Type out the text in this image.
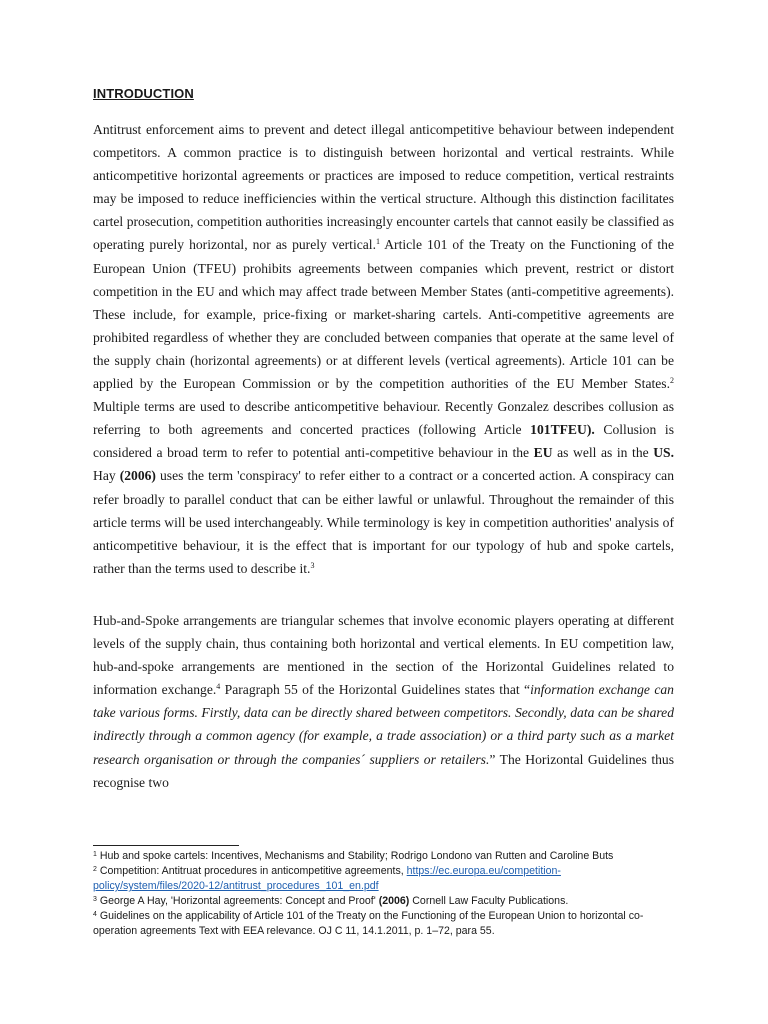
INTRODUCTION

Antitrust enforcement aims to prevent and detect illegal anticompetitive behaviour between independent competitors. A common practice is to distinguish between horizontal and vertical restraints. While anticompetitive horizontal agreements or practices are imposed to reduce competition, vertical restraints may be imposed to reduce inefficiencies within the vertical structure. Although this distinction facilitates cartel prosecution, competition authorities increasingly encounter cartels that cannot easily be classified as operating purely horizontal, nor as purely vertical.$^1$ Article 101 of the Treaty on the Functioning of the European Union (TFEU) prohibits agreements between companies which prevent, restrict or distort competition in the EU and which may affect trade between Member States (anti-competitive agreements). These include, for example, price-fixing or market-sharing cartels. Anti-competitive agreements are prohibited regardless of whether they are concluded between companies that operate at the same level of the supply chain (horizontal agreements) or at different levels (vertical agreements). Article 101 can be applied by the European Commission or by the competition authorities of the EU Member States.$^2$ Multiple terms are used to describe anticompetitive behaviour. Recently Gonzalez describes collusion as referring to both agreements and concerted practices (following Article 101TFEU). Collusion is considered a broad term to refer to potential anti-competitive behaviour in the EU as well as in the US. Hay (2006) uses the term 'conspiracy' to refer either to a contract or a concerted action. A conspiracy can refer broadly to parallel conduct that can be either lawful or unlawful. Throughout the remainder of this article terms will be used interchangeably. While terminology is key in competition authorities' analysis of anticompetitive behaviour, it is the effect that is important for our typology of hub and spoke cartels, rather than the terms used to describe it.$^3$

Hub-and-Spoke arrangements are triangular schemes that involve economic players operating at different levels of the supply chain, thus containing both horizontal and vertical elements. In EU competition law, hub-and-spoke arrangements are mentioned in the section of the Horizontal Guidelines related to information exchange.$^4$ Paragraph 55 of the Horizontal Guidelines states that “information exchange can take various forms. Firstly, data can be directly shared between competitors. Secondly, data can be shared indirectly through a common agency (for example, a trade association) or a third party such as a market research organisation or through the companies´ suppliers or retailers.” The Horizontal Guidelines thus recognise two

$^1$ Hub and spoke cartels: Incentives, Mechanisms and Stability; Rodrigo Londono van Rutten and Caroline Buts

$^2$ Competition: Antitruat procedures in anticompetitive agreements, https://ec.europa.eu/competition-policy/system/files/2020-12/antitrust_procedures_101_en.pdf

$^3$ George A Hay, 'Horizontal agreements: Concept and Proof' (2006) Cornell Law Faculty Publications.

$^4$ Guidelines on the applicability of Article 101 of the Treaty on the Functioning of the European Union to horizontal co-operation agreements Text with EEA relevance. OJ C 11, 14.1.2011, p. 1–72, para 55.
